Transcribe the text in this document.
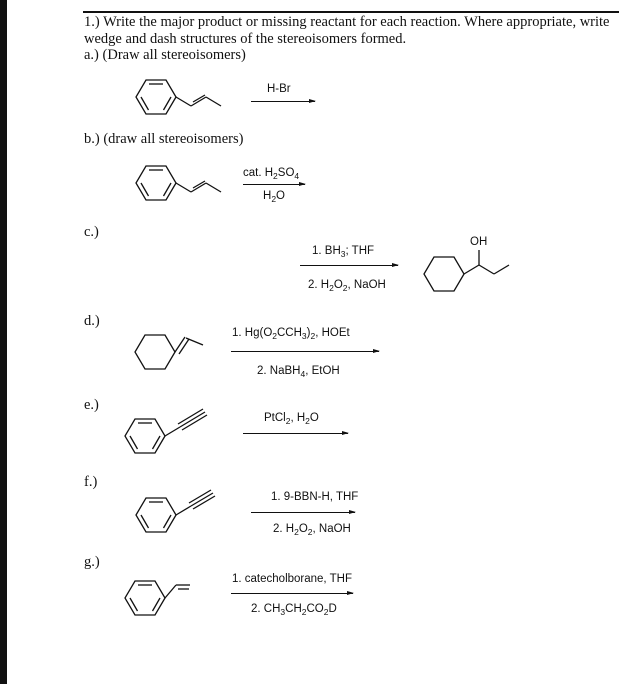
1.) Write the major product or missing reactant for each reaction. Where appropriate, write
wedge and dash structures of the stereoisomers formed.
a.) (Draw all stereoisomers)
H-Br
b.) (draw all stereoisomers)
cat. $H_2SO_4$
$H_2O$
c.)
1. $BH_3$; THF
2. $H_2O_2$, NaOH
OH
d.)
1. $Hg(O_2CCH_3)_2$, HOEt
2. NaBH$_4$, EtOH
e.)
PtCl$_2$, $H_2O$
f.)
1. 9-BBN-H, THF
2. $H_2O_2$, NaOH
g.)
1. catecholborane, THF
2. $CH_3CH_2CO_2D$
